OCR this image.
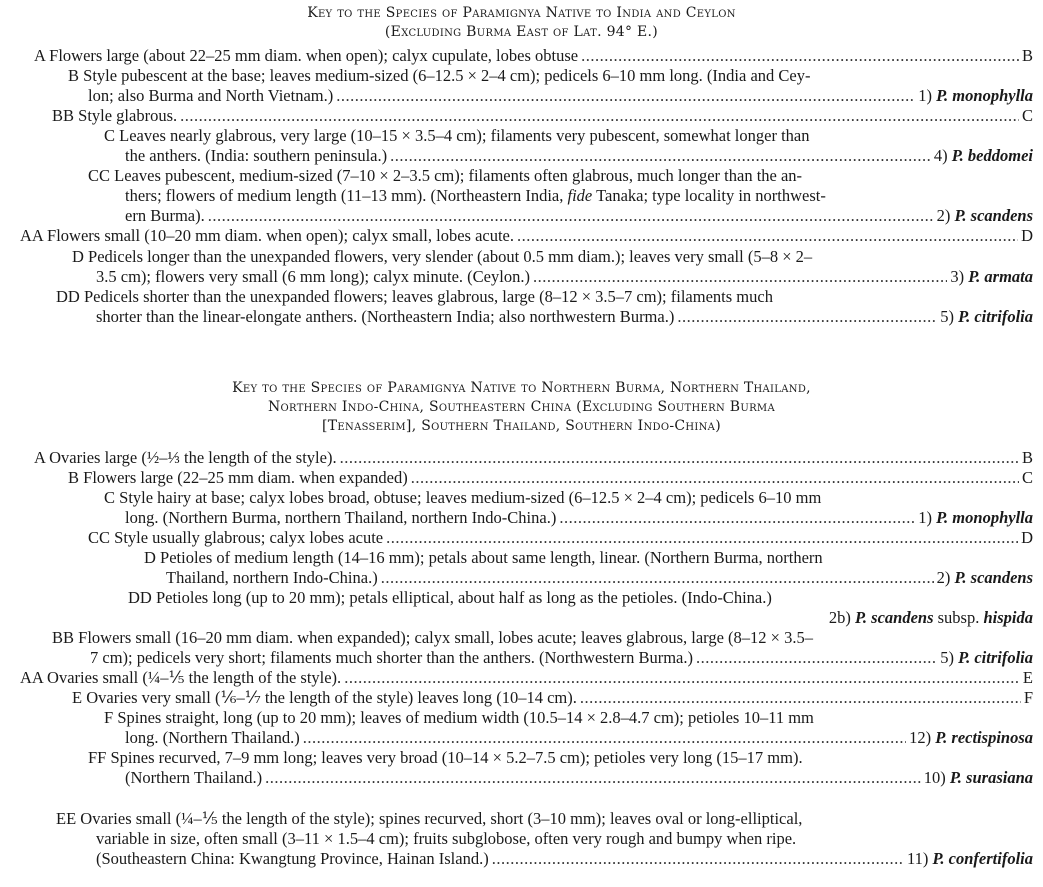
Key to the Species of Paramignya Native to India and Ceylon
(Excluding Burma East of Lat. 94° E.)
A Flowers large (about 22–25 mm diam. when open); calyx cupulate, lobes obtuse .....	B
B Style pubescent at the base; leaves medium-sized (6–12.5 × 2–4 cm); pedicels 6–10 mm long. (India and Cey-
lon; also Burma and North Vietnam.) .....	1) P. monophylla
BB Style glabrous. .....	C
C Leaves nearly glabrous, very large (10–15 × 3.5–4 cm); filaments very pubescent, somewhat longer than
the anthers. (India: southern peninsula.) .....	4) P. beddomei
CC Leaves pubescent, medium-sized (7–10 × 2–3.5 cm); filaments often glabrous, much longer than the an-
thers; flowers of medium length (11–13 mm). (Northeastern India, fide Tanaka; type locality in northwest-
ern Burma). .....	2) P. scandens
AA Flowers small (10–20 mm diam. when open); calyx small, lobes acute. .....	D
D Pedicels longer than the unexpanded flowers, very slender (about 0.5 mm diam.); leaves very small (5–8 × 2–
3.5 cm); flowers very small (6 mm long); calyx minute. (Ceylon.) .....	3) P. armata
DD Pedicels shorter than the unexpanded flowers; leaves glabrous, large (8–12 × 3.5–7 cm); filaments much
shorter than the linear-elongate anthers. (Northeastern India; also northwestern Burma.) .....	5) P. citrifolia
Key to the Species of Paramignya Native to Northern Burma, Northern Thailand,
Northern Indo-China, Southeastern China (Excluding Southern Burma
[Tenasserim], Southern Thailand, Southern Indo-China)
A Ovaries large (½–⅓ the length of the style). .....	B
B Flowers large (22–25 mm diam. when expanded) .....	C
C Style hairy at base; calyx lobes broad, obtuse; leaves medium-sized (6–12.5 × 2–4 cm); pedicels 6–10 mm
long. (Northern Burma, northern Thailand, northern Indo-China.) .....	1) P. monophylla
CC Style usually glabrous; calyx lobes acute .....	D
D Petioles of medium length (14–16 mm); petals about same length, linear. (Northern Burma, northern
Thailand, northern Indo-China.) .....	2) P. scandens
DD Petioles long (up to 20 mm); petals elliptical, about half as long as the petioles. (Indo-China.)
2b) P. scandens subsp. hispida
BB Flowers small (16–20 mm diam. when expanded); calyx small, lobes acute; leaves glabrous, large (8–12 × 3.5–
7 cm); pedicels very short; filaments much shorter than the anthers. (Northwestern Burma.) .....	5) P. citrifolia
AA Ovaries small (¼–⅕ the length of the style). .....	E
E Ovaries very small (⅙–⅐ the length of the style) leaves long (10–14 cm). .....	F
F Spines straight, long (up to 20 mm); leaves of medium width (10.5–14 × 2.8–4.7 cm); petioles 10–11 mm
long. (Northern Thailand.) .....	12) P. rectispinosa
FF Spines recurved, 7–9 mm long; leaves very broad (10–14 × 5.2–7.5 cm); petioles very long (15–17 mm).
(Northern Thailand.) .....	10) P. surasiana
EE Ovaries small (¼–⅕ the length of the style); spines recurved, short (3–10 mm); leaves oval or long-elliptical,
variable in size, often small (3–11 × 1.5–4 cm); fruits subglobose, often very rough and bumpy when ripe.
(Southeastern China: Kwangtung Province, Hainan Island.) .....	11) P. confertifolia
